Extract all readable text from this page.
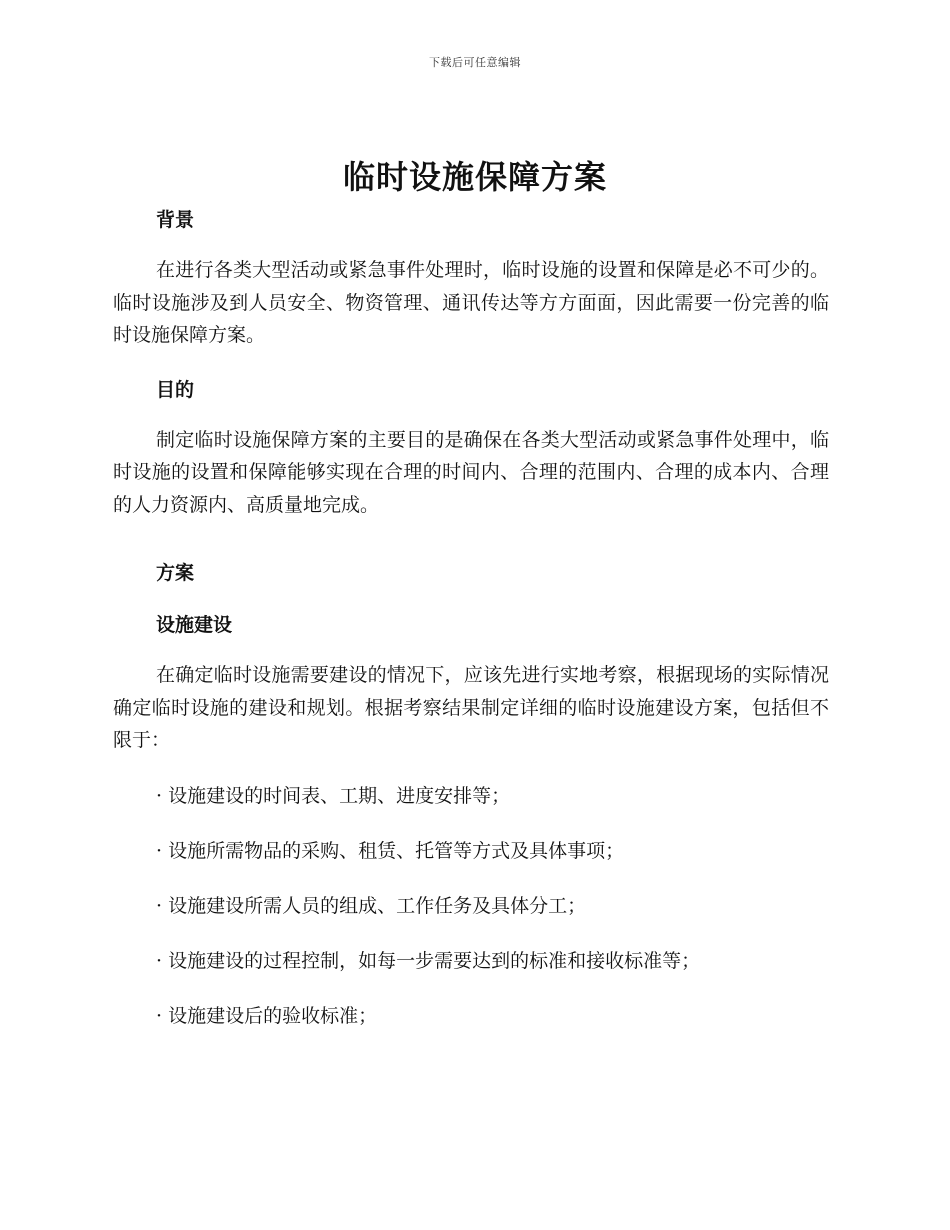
下载后可任意编辑
临时设施保障方案
背景

在进行各类大型活动或紧急事件处理时，临时设施的设置和保障是必不可少的。临时设施涉及到人员安全、物资管理、通讯传达等方方面面，因此需要一份完善的临时设施保障方案。

目的

制定临时设施保障方案的主要目的是确保在各类大型活动或紧急事件处理中，临时设施的设置和保障能够实现在合理的时间内、合理的范围内、合理的成本内、合理的人力资源内、高质量地完成。

方案
设施建设

在确定临时设施需要建设的情况下，应该先进行实地考察，根据现场的实际情况确定临时设施的建设和规划。根据考察结果制定详细的临时设施建设方案，包括但不限于：

· 设施建设的时间表、工期、进度安排等；

· 设施所需物品的采购、租赁、托管等方式及具体事项；

· 设施建设所需人员的组成、工作任务及具体分工；

· 设施建设的过程控制，如每一步需要达到的标准和接收标准等；

· 设施建设后的验收标准；
